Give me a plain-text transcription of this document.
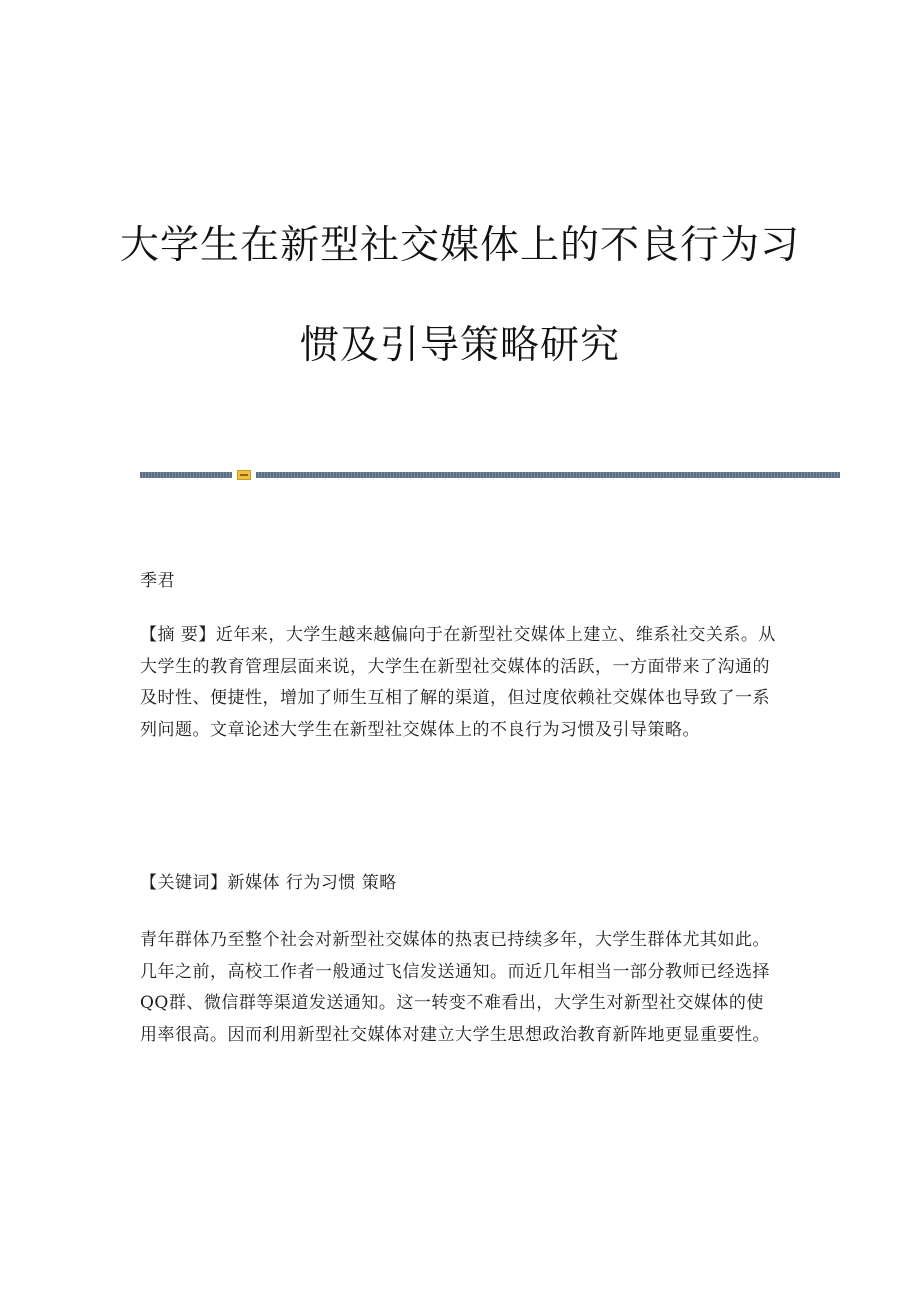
大学生在新型社交媒体上的不良行为习
惯及引导策略研究

季君

【摘 要】近年来，大学生越来越偏向于在新型社交媒体上建立、维系社交关系。从大学生的教育管理层面来说，大学生在新型社交媒体的活跃，一方面带来了沟通的及时性、便捷性，增加了师生互相了解的渠道，但过度依赖社交媒体也导致了一系列问题。文章论述大学生在新型社交媒体上的不良行为习惯及引导策略。

【关键词】新媒体 行为习惯 策略

青年群体乃至整个社会对新型社交媒体的热衷已持续多年，大学生群体尤其如此。几年之前，高校工作者一般通过飞信发送通知。而近几年相当一部分教师已经选择QQ群、微信群等渠道发送通知。这一转变不难看出，大学生对新型社交媒体的使用率很高。因而利用新型社交媒体对建立大学生思想政治教育新阵地更显重要性。
